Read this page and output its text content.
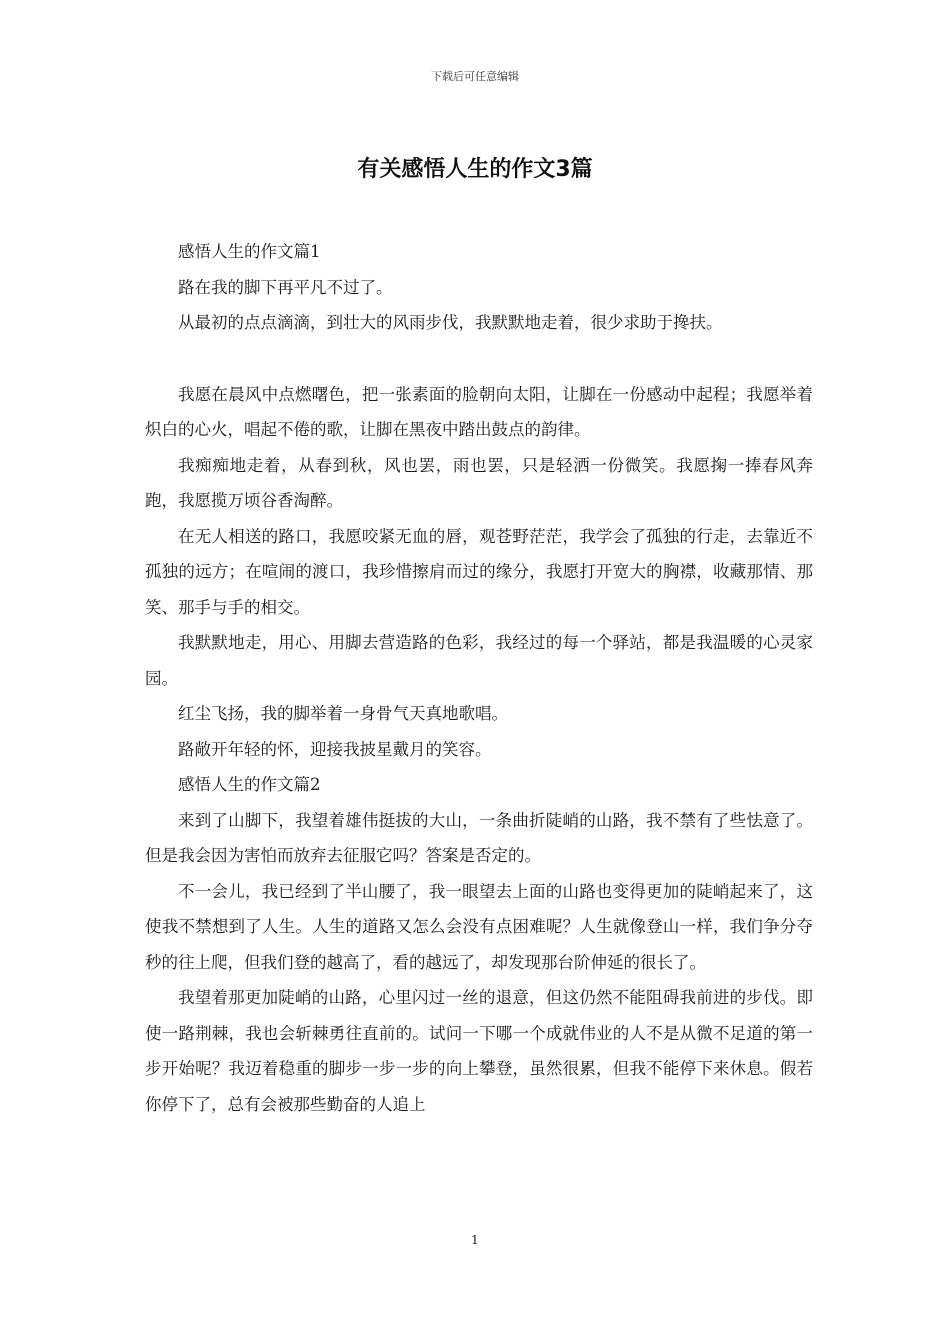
下载后可任意编辑
有关感悟人生的作文3篇

感悟人生的作文篇1

路在我的脚下再平凡不过了。

从最初的点点滴滴，到壮大的风雨步伐，我默默地走着，很少求助于搀扶。

我愿在晨风中点燃曙色，把一张素面的脸朝向太阳，让脚在一份感动中起程；我愿举着炽白的心火，唱起不倦的歌，让脚在黑夜中踏出鼓点的韵律。

我痴痴地走着，从春到秋，风也罢，雨也罢，只是轻洒一份微笑。我愿掬一捧春风奔跑，我愿揽万顷谷香淘醉。

在无人相送的路口，我愿咬紧无血的唇，观苍野茫茫，我学会了孤独的行走，去靠近不孤独的远方；在喧闹的渡口，我珍惜擦肩而过的缘分，我愿打开宽大的胸襟，收藏那情、那笑、那手与手的相交。

我默默地走，用心、用脚去营造路的色彩，我经过的每一个驿站，都是我温暖的心灵家园。

红尘飞扬，我的脚举着一身骨气天真地歌唱。

路敞开年轻的怀，迎接我披星戴月的笑容。

感悟人生的作文篇2

来到了山脚下，我望着雄伟挺拔的大山，一条曲折陡峭的山路，我不禁有了些怯意了。但是我会因为害怕而放弃去征服它吗？答案是否定的。

不一会儿，我已经到了半山腰了，我一眼望去上面的山路也变得更加的陡峭起来了，这使我不禁想到了人生。人生的道路又怎么会没有点困难呢？人生就像登山一样，我们争分夺秒的往上爬，但我们登的越高了，看的越远了，却发现那台阶伸延的很长了。

我望着那更加陡峭的山路，心里闪过一丝的退意，但这仍然不能阻碍我前进的步伐。即使一路荆棘，我也会斩棘勇往直前的。试问一下哪一个成就伟业的人不是从微不足道的第一步开始呢？我迈着稳重的脚步一步一步的向上攀登，虽然很累，但我不能停下来休息。假若你停下了，总有会被那些勤奋的人追上

1
